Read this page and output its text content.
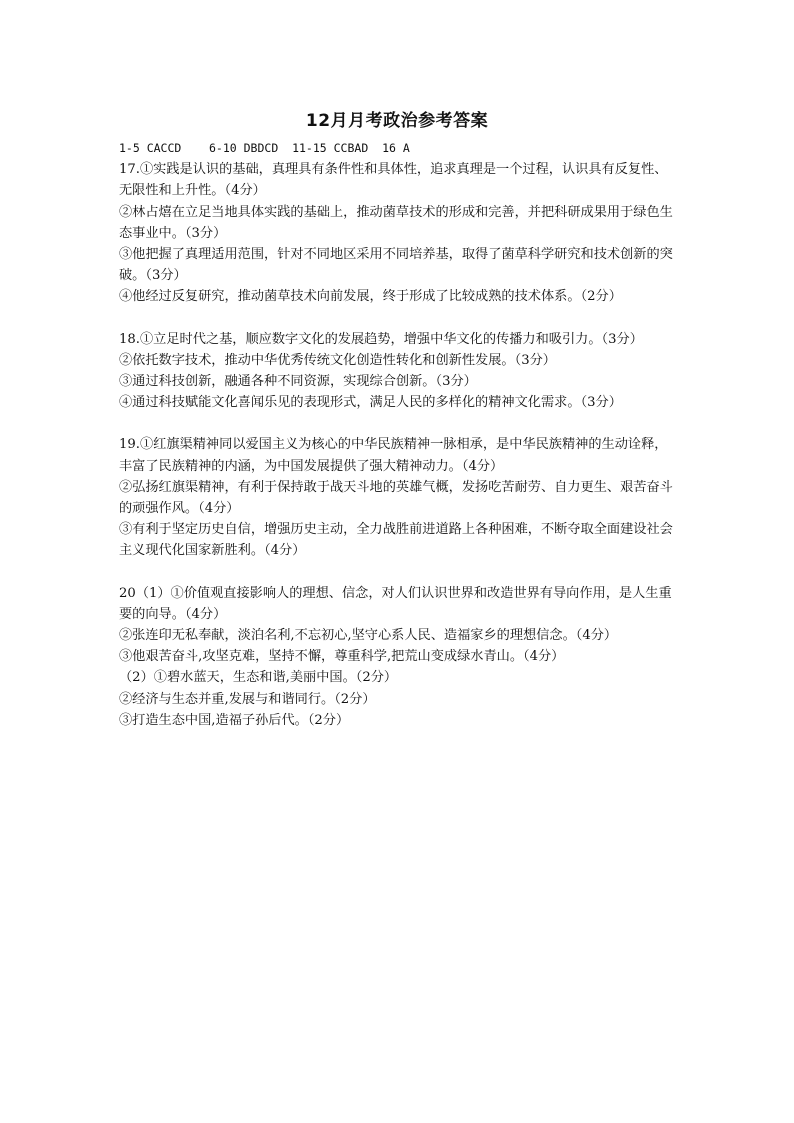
12月月考政治参考答案
1-5 CACCD    6-10 DBDCD  11-15 CCBAD  16 A

17.①实践是认识的基础，真理具有条件性和具体性，追求真理是一个过程，认识具有反复性、无限性和上升性。（4分）

②林占熺在立足当地具体实践的基础上，推动菌草技术的形成和完善，并把科研成果用于绿色生态事业中。（3分）

③他把握了真理适用范围，针对不同地区采用不同培养基，取得了菌草科学研究和技术创新的突破。（3分）

④他经过反复研究，推动菌草技术向前发展，终于形成了比较成熟的技术体系。（2分）

18.①立足时代之基，顺应数字文化的发展趋势，增强中华文化的传播力和吸引力。（3分）

②依托数字技术，推动中华优秀传统文化创造性转化和创新性发展。（3分）

③通过科技创新，融通各种不同资源，实现综合创新。（3分）

④通过科技赋能文化喜闻乐见的表现形式，满足人民的多样化的精神文化需求。（3分）

19.①红旗渠精神同以爱国主义为核心的中华民族精神一脉相承，是中华民族精神的生动诠释，丰富了民族精神的内涵，为中国发展提供了强大精神动力。（4分）

②弘扬红旗渠精神，有利于保持敢于战天斗地的英雄气概，发扬吃苦耐劳、自力更生、艰苦奋斗的顽强作风。（4分）

③有利于坚定历史自信，增强历史主动，全力战胜前进道路上各种困难，不断夺取全面建设社会主义现代化国家新胜利。（4分）

20（1）①价值观直接影响人的理想、信念，对人们认识世界和改造世界有导向作用，是人生重要的向导。（4分）

②张连印无私奉献，淡泊名利,不忘初心,坚守心系人民、造福家乡的理想信念。（4分）

③他艰苦奋斗,攻坚克难，坚持不懈，尊重科学,把荒山变成绿水青山。（4分）

（2）①碧水蓝天，生态和谐,美丽中国。（2分）

②经济与生态并重,发展与和谐同行。（2分）

③打造生态中国,造福子孙后代。（2分）
